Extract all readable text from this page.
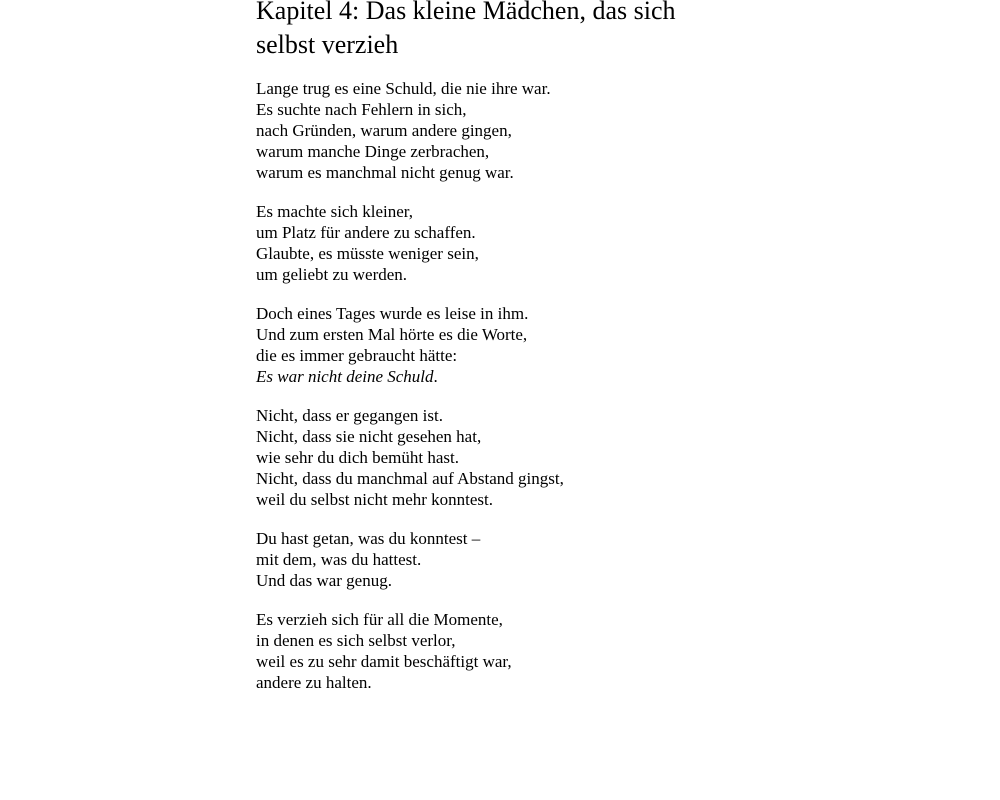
Kapitel 4: Das kleine Mädchen, das sich
selbst verzieh

Lange trug es eine Schuld, die nie ihre war.
Es suchte nach Fehlern in sich,
nach Gründen, warum andere gingen,
warum manche Dinge zerbrachen,
warum es manchmal nicht genug war.

Es machte sich kleiner,
um Platz für andere zu schaffen.
Glaubte, es müsste weniger sein,
um geliebt zu werden.

Doch eines Tages wurde es leise in ihm.
Und zum ersten Mal hörte es die Worte,
die es immer gebraucht hätte:
Es war nicht deine Schuld.

Nicht, dass er gegangen ist.
Nicht, dass sie nicht gesehen hat,
wie sehr du dich bemüht hast.
Nicht, dass du manchmal auf Abstand gingst,
weil du selbst nicht mehr konntest.

Du hast getan, was du konntest –
mit dem, was du hattest.
Und das war genug.

Es verzieh sich für all die Momente,
in denen es sich selbst verlor,
weil es zu sehr damit beschäftigt war,
andere zu halten.
